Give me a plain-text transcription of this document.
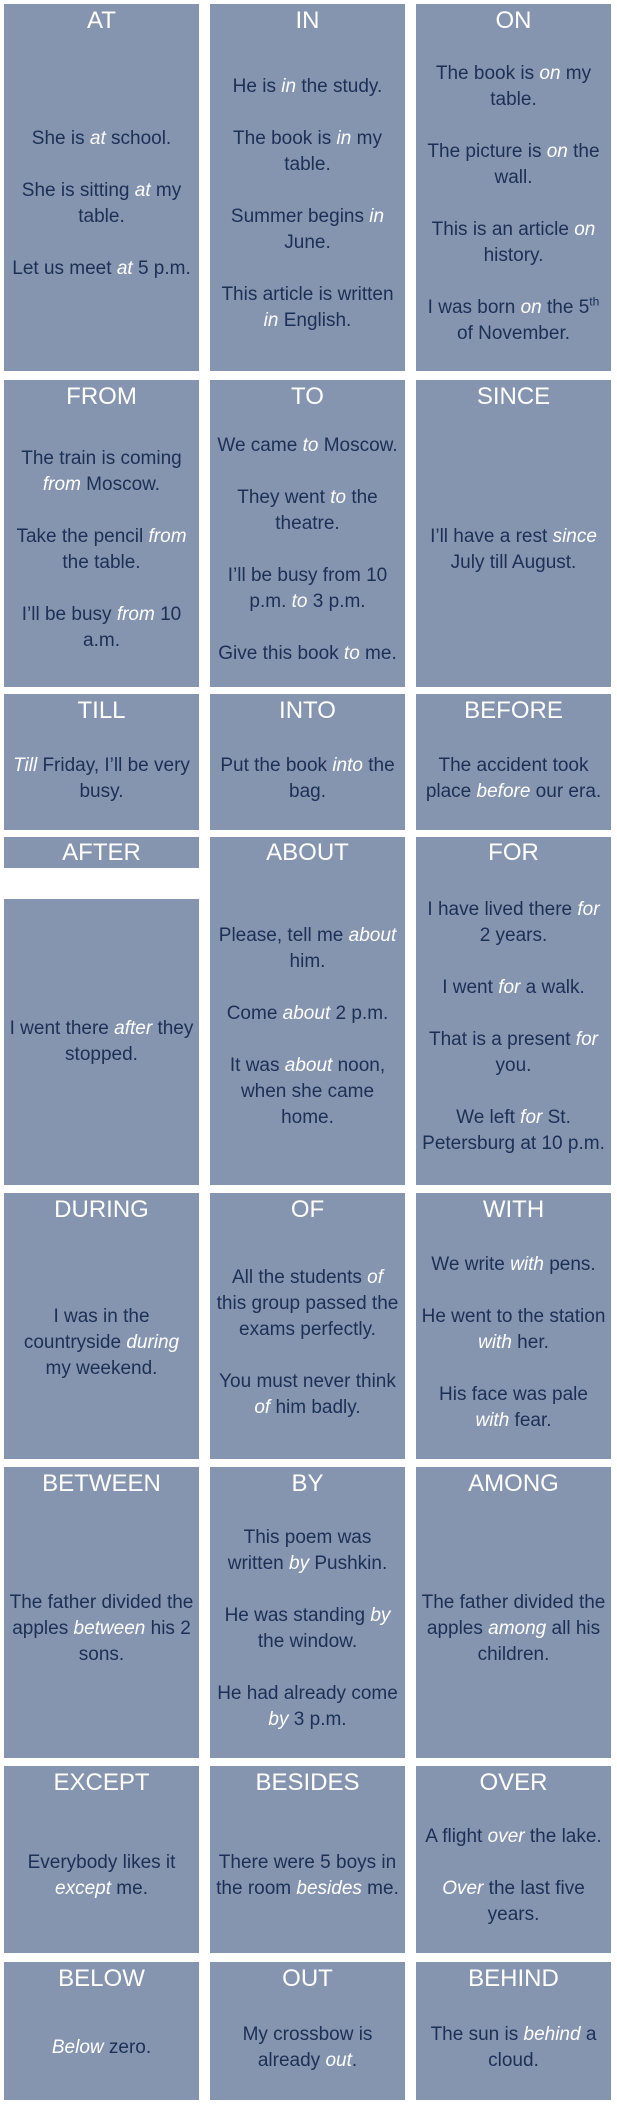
AT

She is at school.

She is sitting at my table.

Let us meet at 5 p.m.

IN

He is in the study.

The book is in my table.

Summer begins in June.

This article is written in English.

ON

The book is on my table.

The picture is on the wall.

This is an article on history.

I was born on the 5th of November.

FROM

The train is coming from Moscow.

Take the pencil from the table.

I’ll be busy from 10 a.m.

TO

We came to Moscow.

They went to the theatre.

I’ll be busy from 10 p.m. to 3 p.m.

Give this book to me.

SINCE

I’ll have a rest since July till August.

TILL

Till Friday, I’ll be very busy.

INTO

Put the book into the bag.

BEFORE

The accident took place before our era.

AFTER

I went there after they stopped.

ABOUT

Please, tell me about him.

Come about 2 p.m.

It was about noon, when she came home.

FOR

I have lived there for 2 years.

I went for a walk.

That is a present for you.

We left for St. Petersburg at 10 p.m.

DURING

I was in the countryside during my weekend.

OF

All the students of this group passed the exams perfectly.

You must never think of him badly.

WITH

We write with pens.

He went to the station with her.

His face was pale with fear.

BETWEEN

The father divided the apples between his 2 sons.

BY

This poem was written by Pushkin.

He was standing by the window.

He had already come by 3 p.m.

AMONG

The father divided the apples among all his children.

EXCEPT

Everybody likes it except me.

BESIDES

There were 5 boys in the room besides me.

OVER

A flight over the lake.

Over the last five years.

BELOW

Below zero.

OUT

My crossbow is already out.

BEHIND

The sun is behind a cloud.
